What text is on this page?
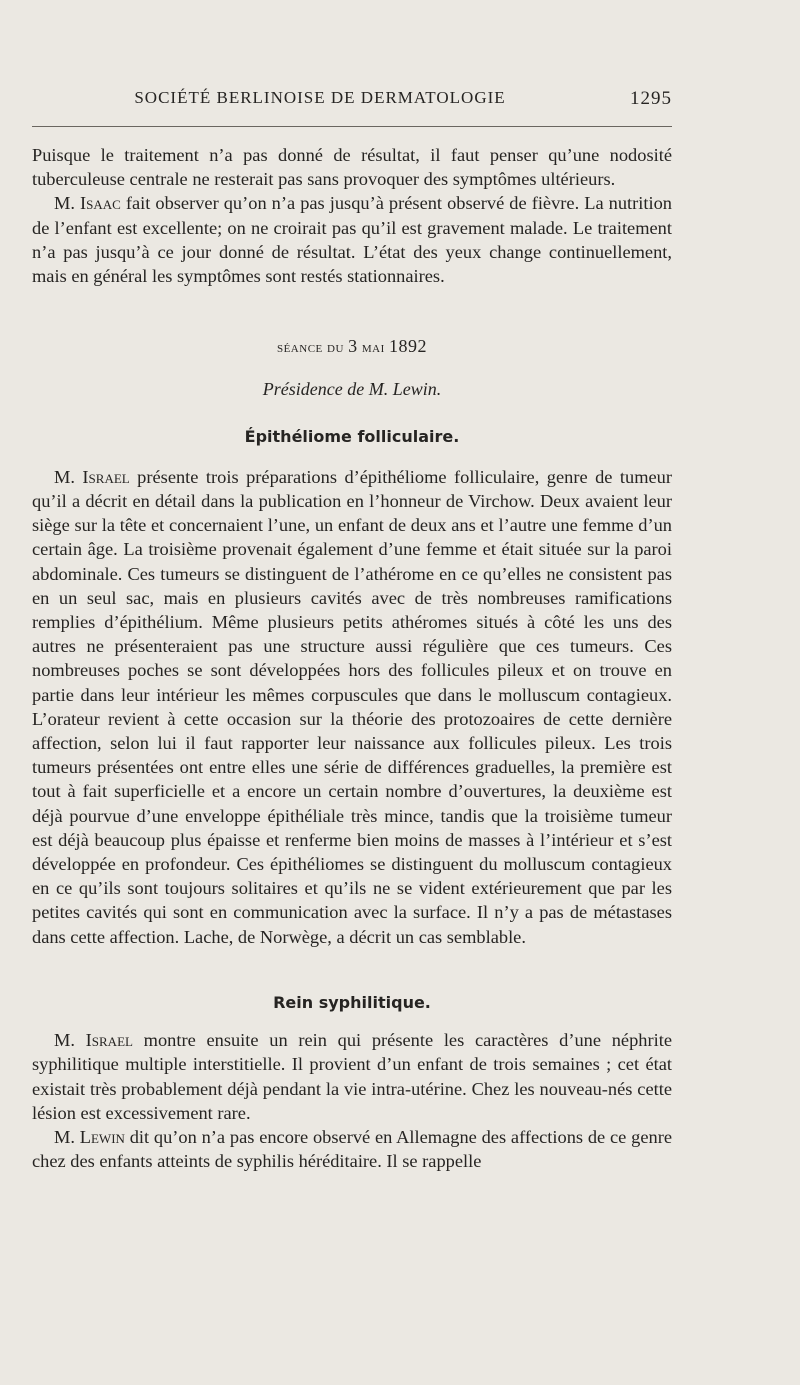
SOCIÉTÉ BERLINOISE DE DERMATOLOGIE	1295

Puisque le traitement n’a pas donné de résultat, il faut penser qu’une nodosité tuberculeuse centrale ne resterait pas sans provoquer des symptômes ultérieurs.

M. Isaac fait observer qu’on n’a pas jusqu’à présent observé de fièvre. La nutrition de l’enfant est excellente; on ne croirait pas qu’il est gravement malade. Le traitement n’a pas jusqu’à ce jour donné de résultat. L’état des yeux change continuellement, mais en général les symptômes sont restés stationnaires.

séance du 3 mai 1892
Présidence de M. Lewin.
Épithéliome folliculaire.

M. Israel présente trois préparations d’épithéliome folliculaire, genre de tumeur qu’il a décrit en détail dans la publication en l’honneur de Virchow. Deux avaient leur siège sur la tête et concernaient l’une, un enfant de deux ans et l’autre une femme d’un certain âge. La troisième provenait également d’une femme et était située sur la paroi abdominale. Ces tumeurs se distinguent de l’athérome en ce qu’elles ne consistent pas en un seul sac, mais en plusieurs cavités avec de très nombreuses ramifications remplies d’épithélium. Même plusieurs petits athéromes situés à côté les uns des autres ne présenteraient pas une structure aussi régulière que ces tumeurs. Ces nombreuses poches se sont développées hors des follicules pileux et on trouve en partie dans leur intérieur les mêmes corpuscules que dans le molluscum contagieux. L’orateur revient à cette occasion sur la théorie des protozoaires de cette dernière affection, selon lui il faut rapporter leur naissance aux follicules pileux. Les trois tumeurs présentées ont entre elles une série de différences graduelles, la première est tout à fait superficielle et a encore un certain nombre d’ouvertures, la deuxième est déjà pourvue d’une enveloppe épithéliale très mince, tandis que la troisième tumeur est déjà beaucoup plus épaisse et renferme bien moins de masses à l’intérieur et s’est développée en profondeur. Ces épithéliomes se distinguent du molluscum contagieux en ce qu’ils sont toujours solitaires et qu’ils ne se vident extérieurement que par les petites cavités qui sont en communication avec la surface. Il n’y a pas de métastases dans cette affection. Lache, de Norwège, a décrit un cas semblable.

Rein syphilitique.

M. Israel montre ensuite un rein qui présente les caractères d’une néphrite syphilitique multiple interstitielle. Il provient d’un enfant de trois semaines ; cet état existait très probablement déjà pendant la vie intra-utérine. Chez les nouveau-nés cette lésion est excessivement rare.

M. Lewin dit qu’on n’a pas encore observé en Allemagne des affections de ce genre chez des enfants atteints de syphilis héréditaire. Il se rappelle
